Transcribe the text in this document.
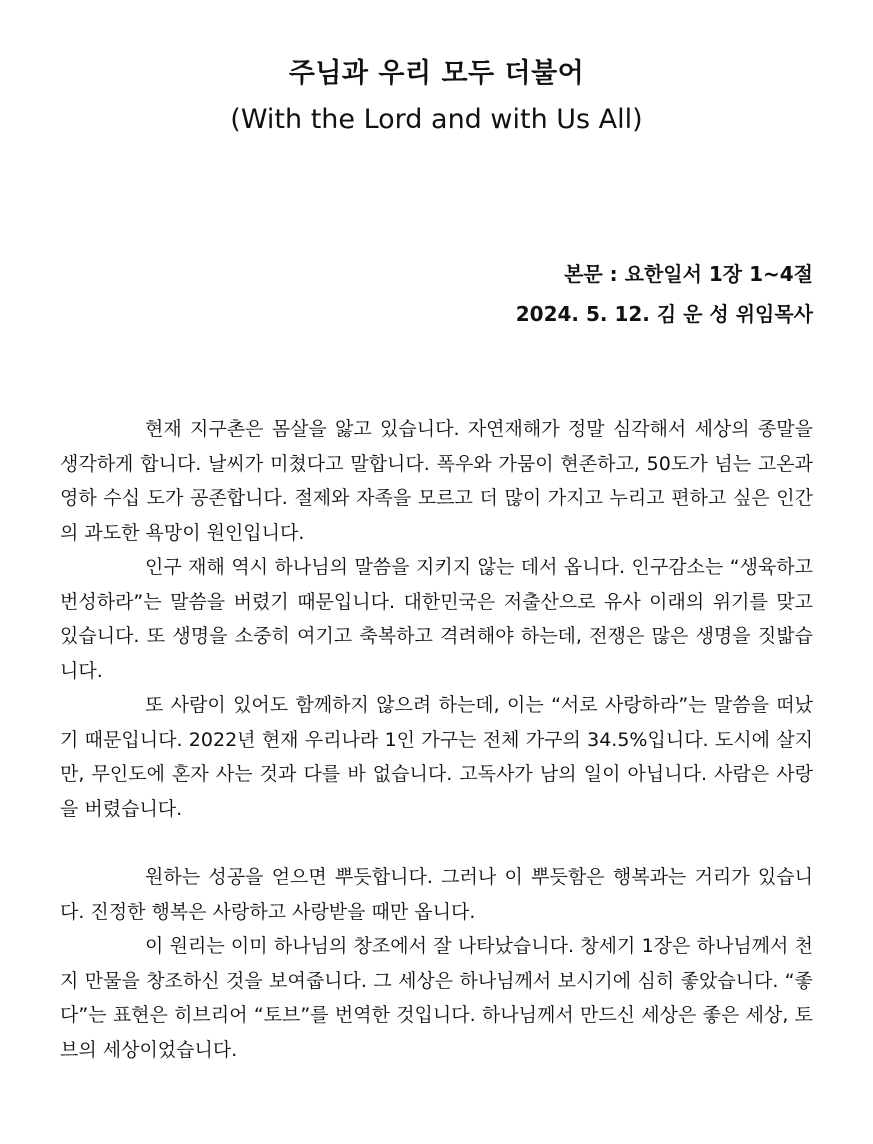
주님과 우리 모두 더불어
(With the Lord and with Us All)
본문 : 요한일서 1장 1~4절
2024. 5. 12. 김 운 성 위임목사

현재 지구촌은 몸살을 앓고 있습니다. 자연재해가 정말 심각해서 세상의 종말을 생각하게 합니다. 날씨가 미쳤다고 말합니다. 폭우와 가뭄이 현존하고, 50도가 넘는 고온과 영하 수십 도가 공존합니다. 절제와 자족을 모르고 더 많이 가지고 누리고 편하고 싶은 인간의 과도한 욕망이 원인입니다.

인구 재해 역시 하나님의 말씀을 지키지 않는 데서 옵니다. 인구감소는 “생육하고 번성하라”는 말씀을 버렸기 때문입니다. 대한민국은 저출산으로 유사 이래의 위기를 맞고 있습니다. 또 생명을 소중히 여기고 축복하고 격려해야 하는데, 전쟁은 많은 생명을 짓밟습니다.

또 사람이 있어도 함께하지 않으려 하는데, 이는 “서로 사랑하라”는 말씀을 떠났기 때문입니다. 2022년 현재 우리나라 1인 가구는 전체 가구의 34.5%입니다. 도시에 살지만, 무인도에 혼자 사는 것과 다를 바 없습니다. 고독사가 남의 일이 아닙니다. 사람은 사랑을 버렸습니다.

원하는 성공을 얻으면 뿌듯합니다. 그러나 이 뿌듯함은 행복과는 거리가 있습니다. 진정한 행복은 사랑하고 사랑받을 때만 옵니다.

이 원리는 이미 하나님의 창조에서 잘 나타났습니다. 창세기 1장은 하나님께서 천지 만물을 창조하신 것을 보여줍니다. 그 세상은 하나님께서 보시기에 심히 좋았습니다. “좋다”는 표현은 히브리어 “토브”를 번역한 것입니다. 하나님께서 만드신 세상은 좋은 세상, 토브의 세상이었습니다.
